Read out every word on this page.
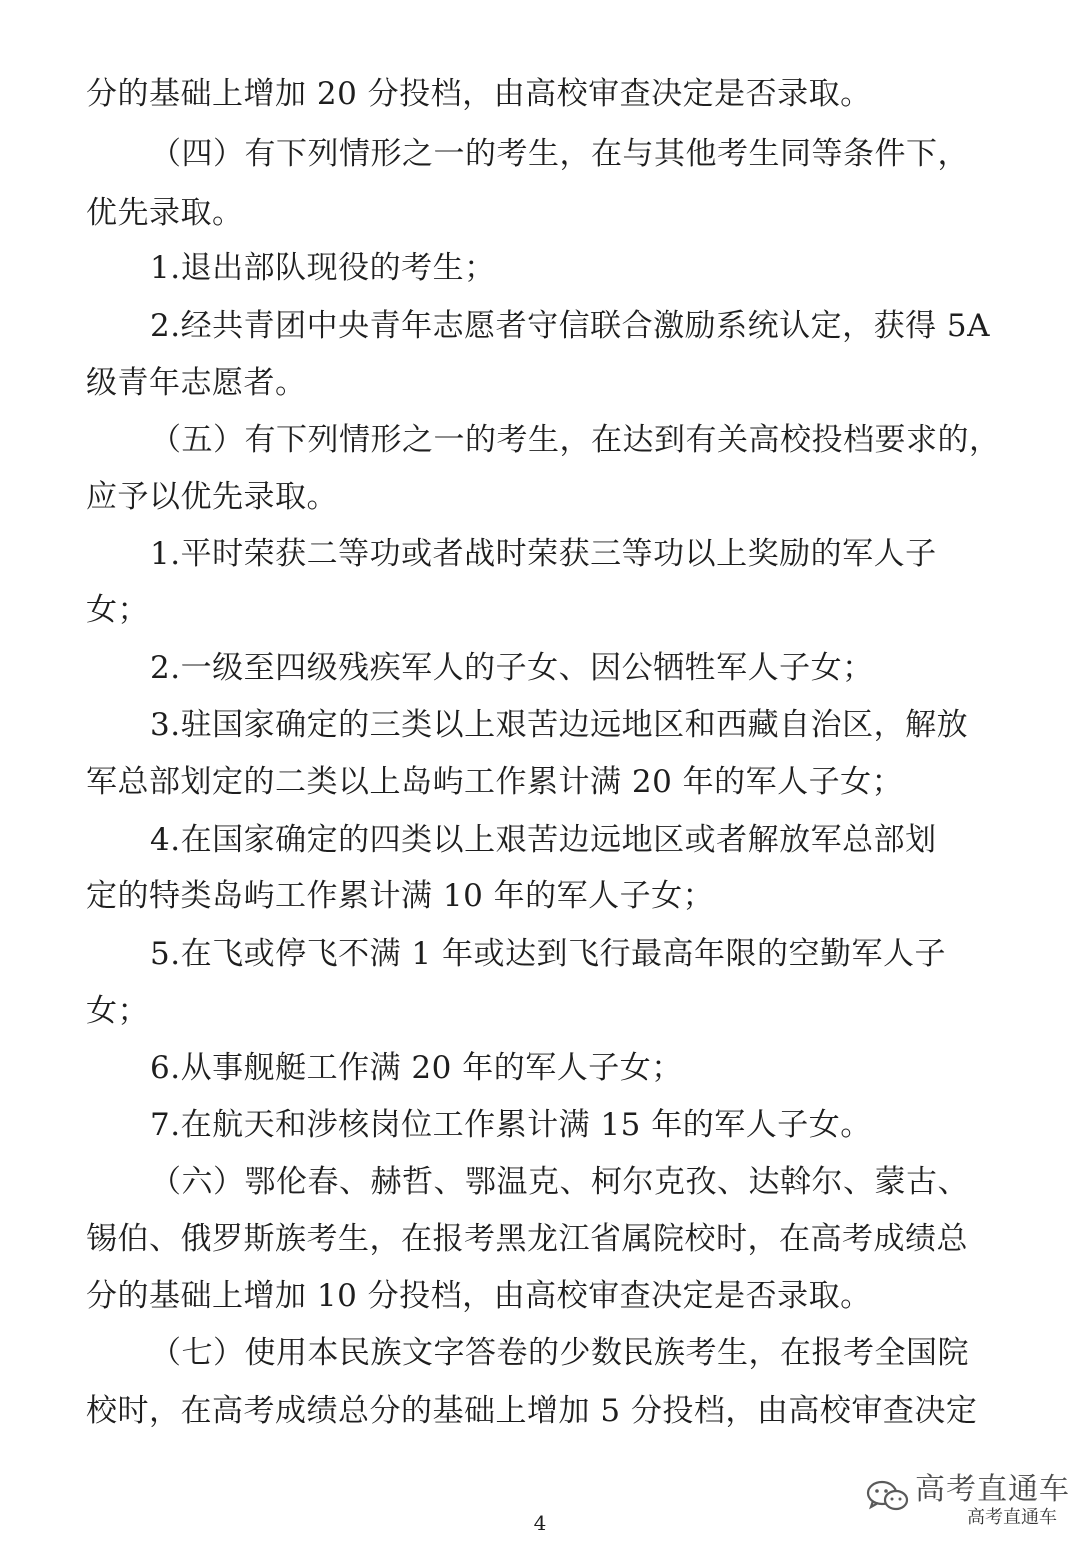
分的基础上增加 20 分投档，由高校审查决定是否录取。
（四）有下列情形之一的考生，在与其他考生同等条件下，
优先录取。
1.退出部队现役的考生；
2.经共青团中央青年志愿者守信联合激励系统认定，获得 5A
级青年志愿者。
（五）有下列情形之一的考生，在达到有关高校投档要求的，
应予以优先录取。
1.平时荣获二等功或者战时荣获三等功以上奖励的军人子
女；
2.一级至四级残疾军人的子女、因公牺牲军人子女；
3.驻国家确定的三类以上艰苦边远地区和西藏自治区，解放
军总部划定的二类以上岛屿工作累计满 20 年的军人子女；
4.在国家确定的四类以上艰苦边远地区或者解放军总部划
定的特类岛屿工作累计满 10 年的军人子女；
5.在飞或停飞不满 1 年或达到飞行最高年限的空勤军人子
女；
6.从事舰艇工作满 20 年的军人子女；
7.在航天和涉核岗位工作累计满 15 年的军人子女。
（六）鄂伦春、赫哲、鄂温克、柯尔克孜、达斡尔、蒙古、
锡伯、俄罗斯族考生，在报考黑龙江省属院校时，在高考成绩总
分的基础上增加 10 分投档，由高校审查决定是否录取。
（七）使用本民族文字答卷的少数民族考生，在报考全国院
校时，在高考成绩总分的基础上增加 5 分投档，由高校审查决定
4
高考直通车
高考直通车
